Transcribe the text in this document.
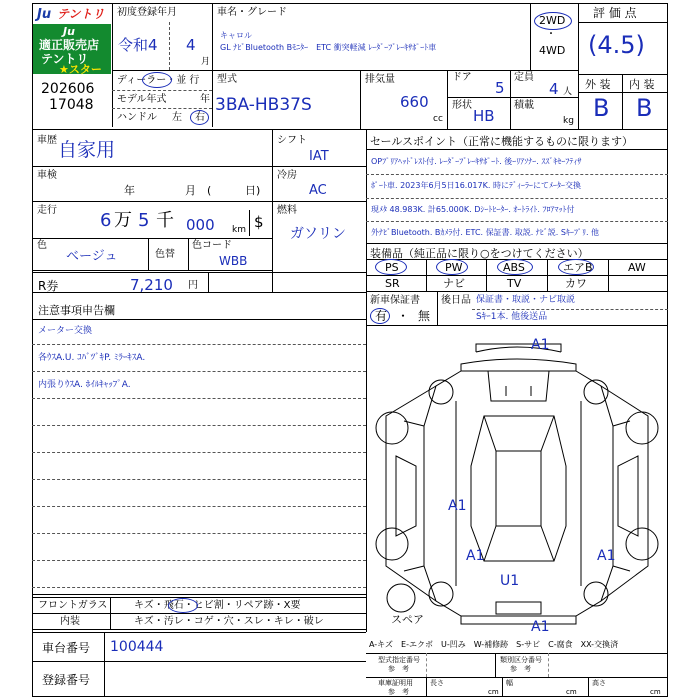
Ju テントリ
Ju
適正販売店
テントリ
★スター
202606
17048
初度登録年月
令和4 4
月
車名・グレード
キャロル
GL ﾅﾋﾞBluetooth Bﾓﾆﾀｰ　ETC 衝突軽減 ﾚｰﾀﾞｰﾌﾞﾚｰｷｻﾎﾟｰﾄ車
2WD
・
4WD
評 価 点
(4.5)
外 装 内 装
B B
ディーラー・並 行
モデル年式	年
ハンドル 左 右
型式
3BA-HB37S
排気量
660
cc
ドア
5
定員
4 人
形状
HB
積載
kg
車歴 自家用
車検
年	月 (	日)
走行 6 万 5 千 000 km $
色
ベージュ	色替
色コード
WBB
シフト
IAT
冷房
AC
燃料
ガソリン
R券	7,210 円
注意事項申告欄
メーター交換
各ｳｽA.U. ｺﾊﾞﾂﾞｷP. ﾐﾗｰｷｽA.
内張りｳｽA. ﾎｲﾙｷｬｯﾌﾟA.
セールスポイント（正常に機能するものに限ります）
OPﾌﾟﾘｱﾍｯﾄﾞﾚｽﾄ付. ﾚｰﾀﾞｰﾌﾞﾚｰｷｻﾎﾟｰﾄ. 後ｰﾘｱｿﾅｰ. ｽｽﾞｷｾｰﾌﾃｨｻ
ﾎﾟｰﾄ車. 2023年6月5日16.017K. 時にﾃﾞｨｰﾗｰにてﾒｰﾀｰ交換
現ﾒﾀ 48.983K. 計65.000K. Dｼｰﾄﾋｰﾀｰ. ｵｰﾄﾗｲﾄ. ﾌﾛｱﾏｯﾄ付
外ﾅﾋﾞBluetooth. Bｶﾒﾗ付. ETC. 保証書. 取説. ﾅﾋﾞ説. Sｷｰﾌﾟﾘ. 他
装備品（純正品に限り○をつけてください）
PS	PW	ABS	エアB	AW
SR	ナビ	TV	カワ
新車保証書
有 ・ 無
後日品 保証書・取説・ナビ取説
Sｷｰ1本. 他後送品
A1
A1
A1	A1
U1
A1
スペア
フロントガラス	キズ・飛石・ヒビ割・リペア跡・X要
内装	キズ・汚レ・コゲ・穴・スレ・キレ・破レ
車台番号 100444
登録番号
A-キズ　E-エクボ　U-凹み　W-補修跡　S-サビ　C-腐食　XX-交換済
型式指定番号
参　考
類別区分番号
参　考
車庫証明用
参　考
長さ
cm
幅
cm
高さ
cm
